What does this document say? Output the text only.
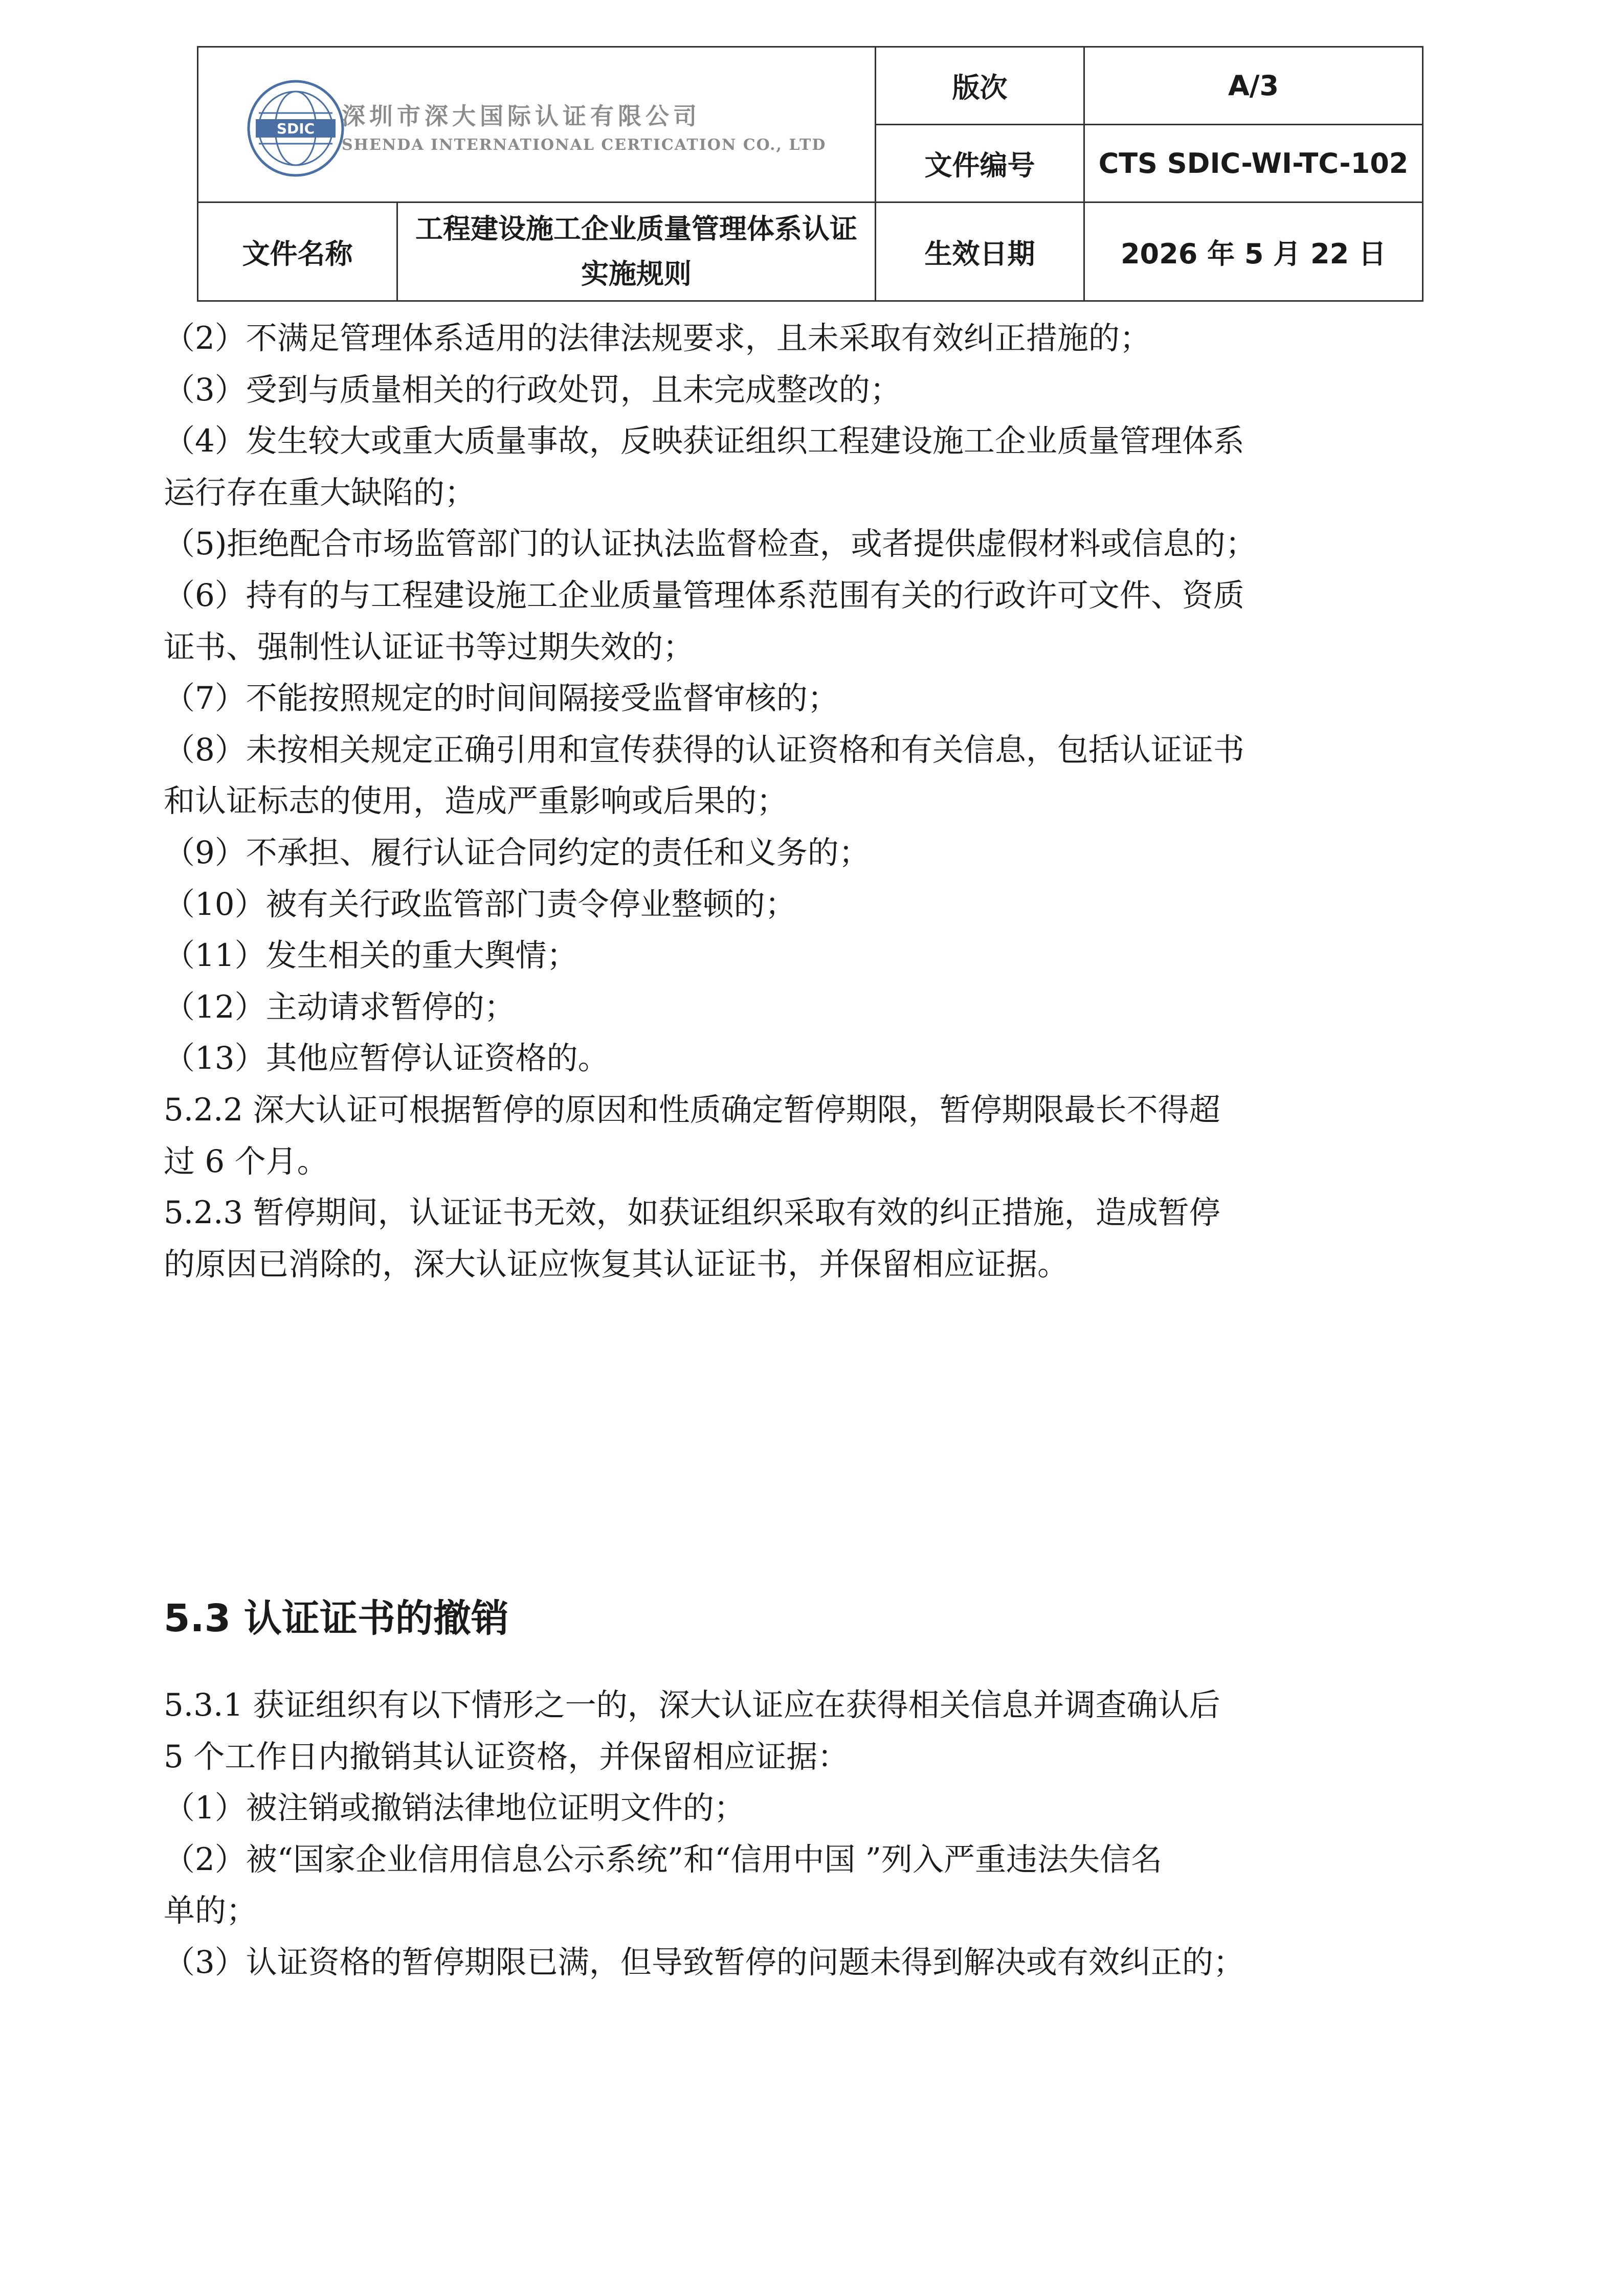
SDIC 深圳市深大国际认证有限公司
SHENDA INTERNATIONAL CERTICATION CO., LTD		版次	A/3
		文件编号	CTS SDIC-WI-TC-102
文件名称	工程建设施工企业质量管理体系认证实施规则	生效日期	2026 年 5 月 22 日

（2）不满足管理体系适用的法律法规要求，且未采取有效纠正措施的；

（3）受到与质量相关的行政处罚，且未完成整改的；

（4）发生较大或重大质量事故，反映获证组织工程建设施工企业质量管理体系

运行存在重大缺陷的；

（5)拒绝配合市场监管部门的认证执法监督检查，或者提供虚假材料或信息的；

（6）持有的与工程建设施工企业质量管理体系范围有关的行政许可文件、资质

证书、强制性认证证书等过期失效的；

（7）不能按照规定的时间间隔接受监督审核的；

（8）未按相关规定正确引用和宣传获得的认证资格和有关信息，包括认证证书

和认证标志的使用，造成严重影响或后果的；

（9）不承担、履行认证合同约定的责任和义务的；

（10）被有关行政监管部门责令停业整顿的；

（11）发生相关的重大舆情；

（12）主动请求暂停的；

（13）其他应暂停认证资格的。

5.2.2 深大认证可根据暂停的原因和性质确定暂停期限，暂停期限最长不得超

过 6 个月。

5.2.3 暂停期间，认证证书无效，如获证组织采取有效的纠正措施，造成暂停

的原因已消除的，深大认证应恢复其认证证书，并保留相应证据。

5.3 认证证书的撤销

5.3.1 获证组织有以下情形之一的，深大认证应在获得相关信息并调查确认后

5 个工作日内撤销其认证资格，并保留相应证据：

（1）被注销或撤销法律地位证明文件的；

（2）被“国家企业信用信息公示系统”和“信用中国 ”列入严重违法失信名

单的；

（3）认证资格的暂停期限已满，但导致暂停的问题未得到解决或有效纠正的；
